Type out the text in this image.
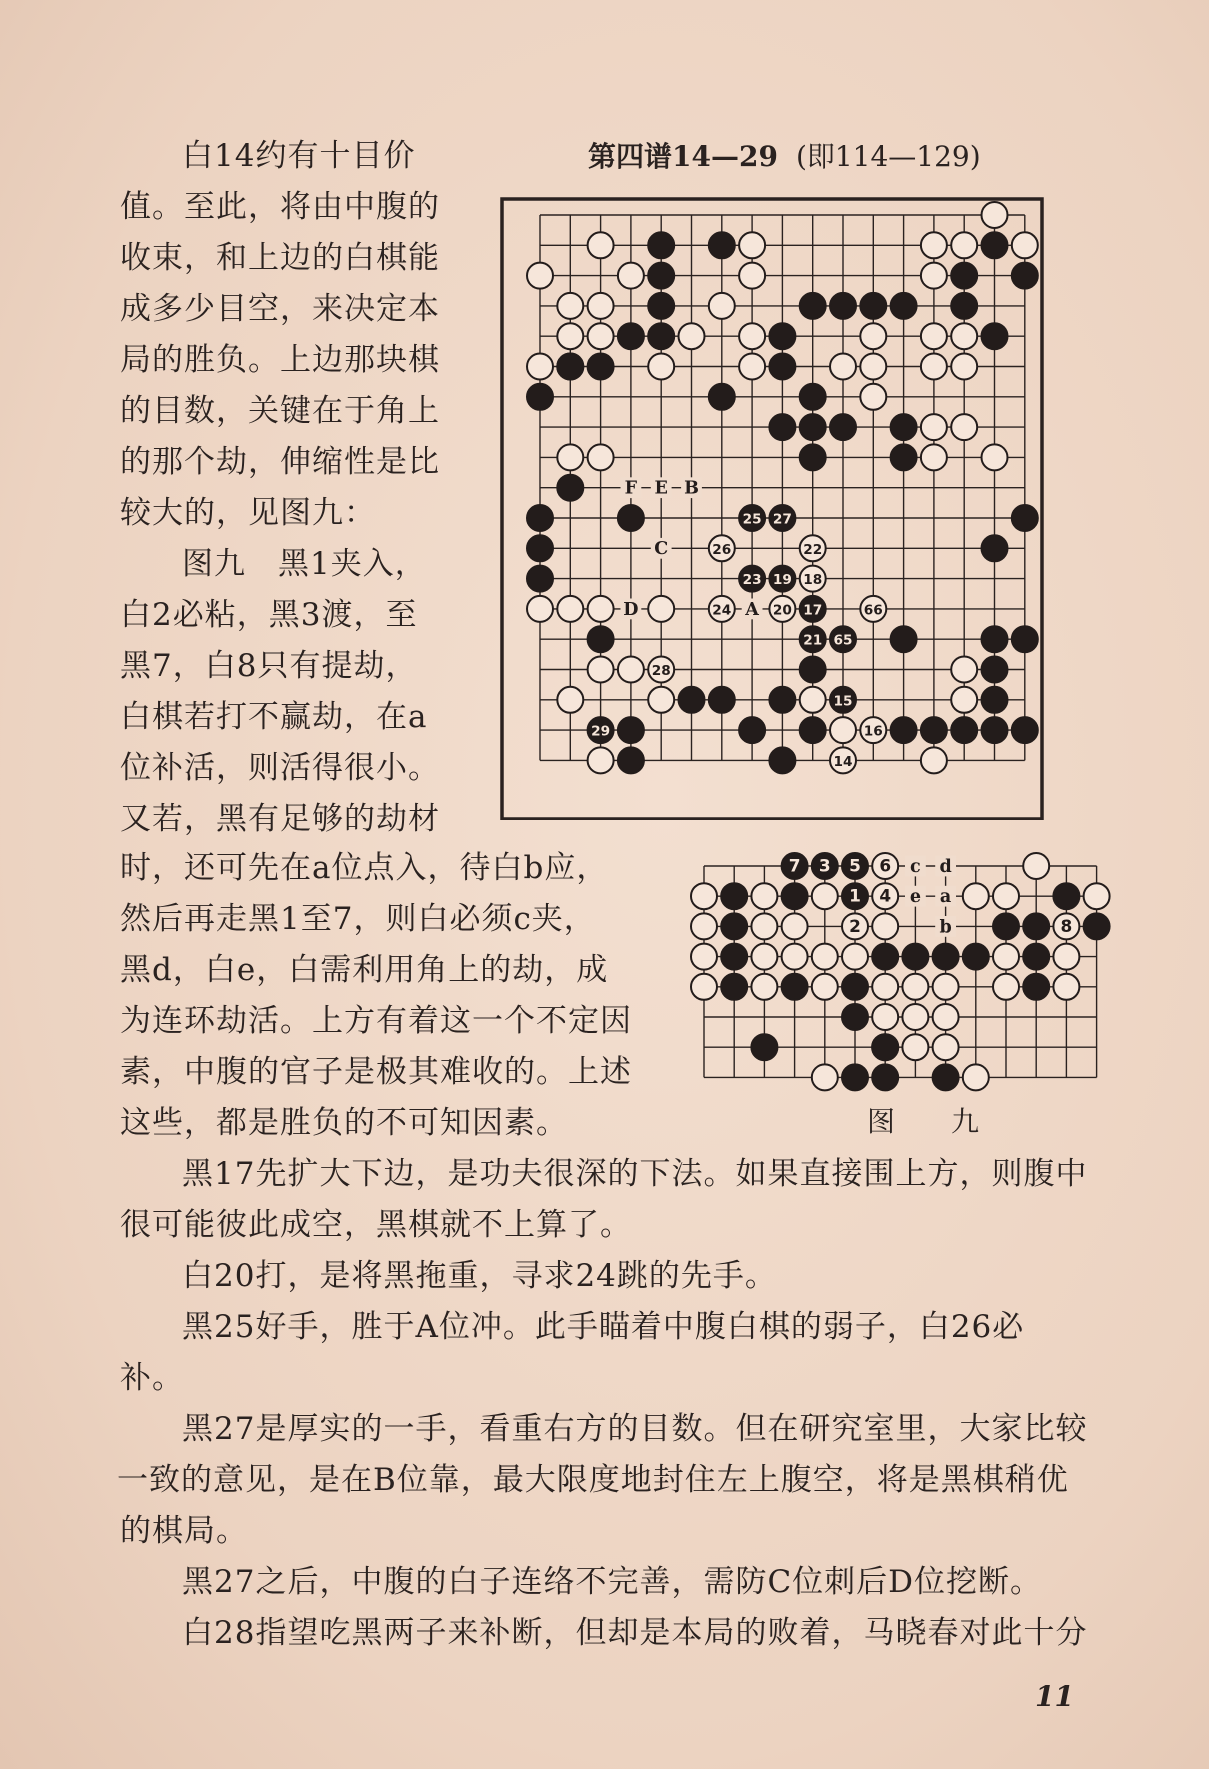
第四谱14—29 (即114—129)
白14约有十目价
值。至此，将由中腹的
收束，和上边的白棋能
成多少目空，来决定本
局的胜负。上边那块棋
的目数，关键在于角上
的那个劫，伸缩性是比
较大的，见图九：
图九　黑1夹入，
白2必粘，黑3渡，至
黑7，白8只有提劫，
白棋若打不赢劫，在a
位补活，则活得很小。
又若，黑有足够的劫材
时，还可先在a位点入，待白b应，
然后再走黑1至7，则白必须c夹，
黑d，白e，白需利用角上的劫，成
为连环劫活。上方有着这一个不定因
素，中腹的官子是极其难收的。上述
这些，都是胜负的不可知因素。
黑17先扩大下边，是功夫很深的下法。如果直接围上方，则腹中
很可能彼此成空，黑棋就不上算了。
白20打，是将黑拖重，寻求24跳的先手。
黑25好手，胜于A位冲。此手瞄着中腹白棋的弱子，白26必
补。
黑27是厚实的一手，看重右方的目数。但在研究室里，大家比较
一致的意见，是在B位靠，最大限度地封住左上腹空，将是黑棋稍优
的棋局。
黑27之后，中腹的白子连络不完善，需防C位刺后D位挖断。
白28指望吃黑两子来补断，但却是本局的败着，马晓春对此十分
25 27
26	22
23 19 18
24	20 17	66
21 65
28
15
29	16
14
F E B
C
D	A
7 3 5 6
1 4
2	8
c d
e a
b
图　九
11
